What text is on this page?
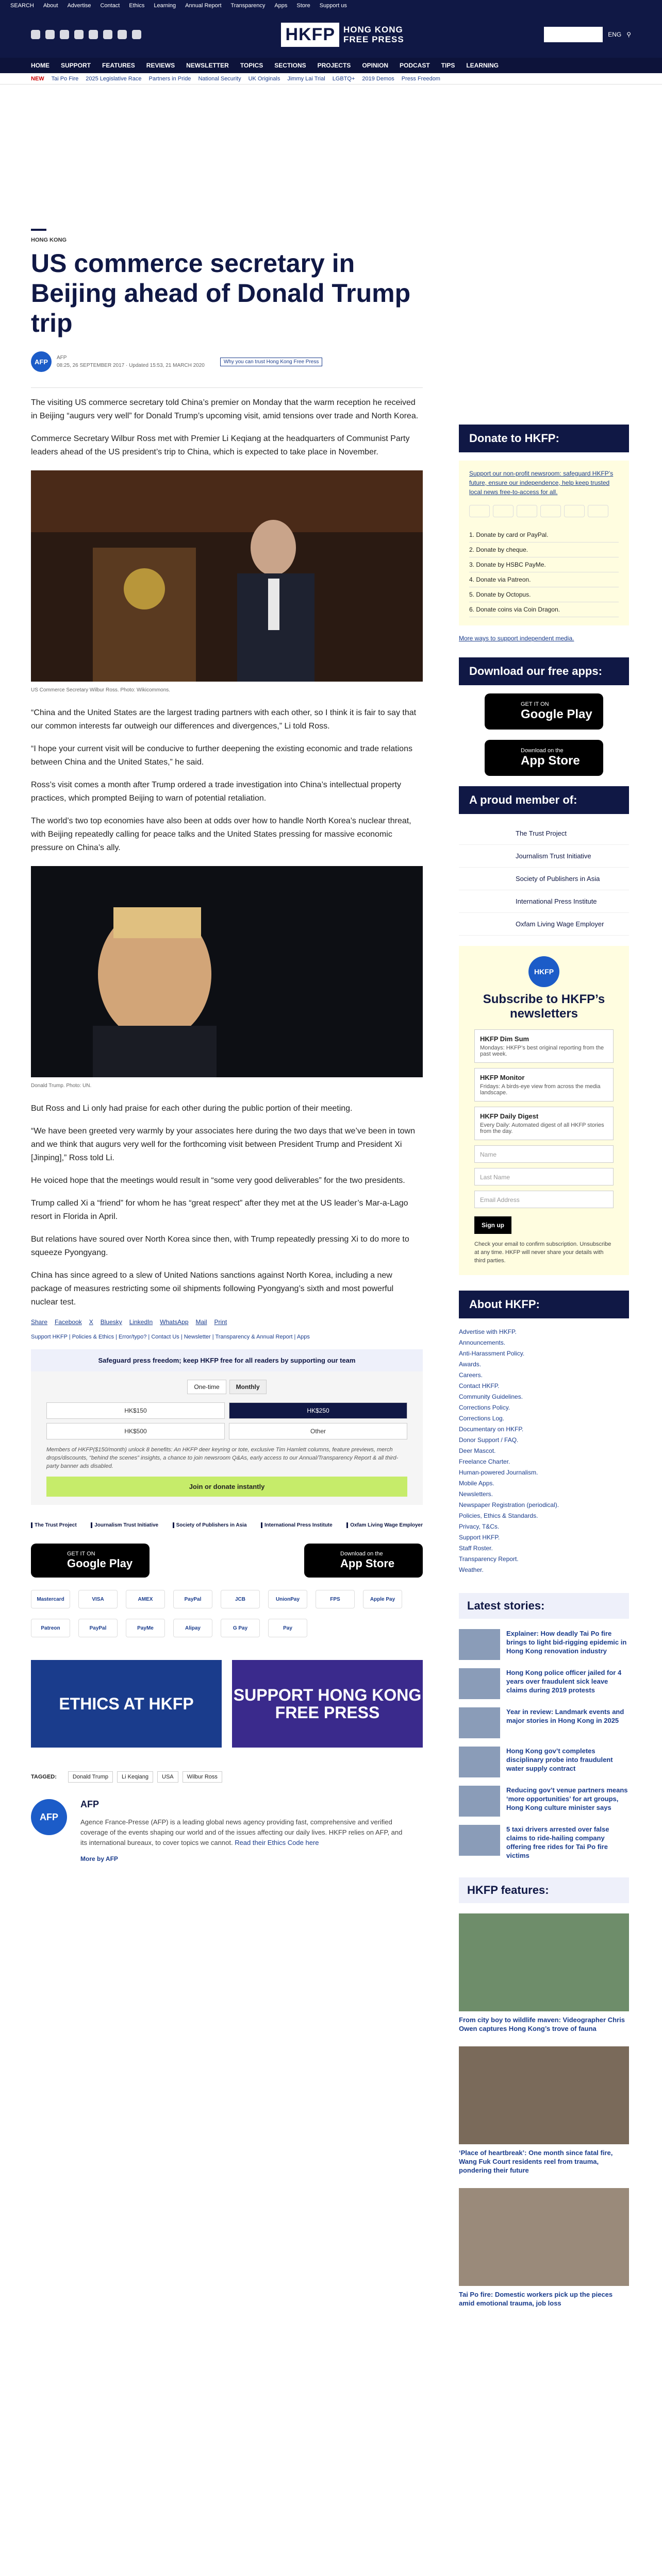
SEARCH About Advertise Contact Ethics Learning Annual Report Transparency Apps Store Support us
HKFP HONG KONG
FREE PRESS	SUPPORT HKFP	ENG ⚲
HOME SUPPORT FEATURES REVIEWS NEWSLETTER TOPICS SECTIONS PROJECTS OPINION PODCAST TIPS LEARNING
NEW Tai Po Fire 2025 Legislative Race Partners in Pride National Security UK Originals Jimmy Lai Trial LGBTQ+ 2019 Demos Press Freedom
HONG KONG
US commerce secretary in Beijing ahead of Donald Trump trip
AFP	AFP
08:25, 26 SEPTEMBER 2017 · Updated 15:53, 21 MARCH 2020
Why you can trust Hong Kong Free Press

The visiting US commerce secretary told China’s premier on Monday that the warm reception he received in Beijing “augurs very well” for Donald Trump’s upcoming visit, amid tensions over trade and North Korea.

Commerce Secretary Wilbur Ross met with Premier Li Keqiang at the headquarters of Communist Party leaders ahead of the US president’s trip to China, which is expected to take place in November.

US Commerce Secretary Wilbur Ross. Photo: Wikicommons.

“China and the United States are the largest trading partners with each other, so I think it is fair to say that our common interests far outweigh our differences and divergences,” Li told Ross.

“I hope your current visit will be conducive to further deepening the existing economic and trade relations between China and the United States,” he said.

Ross’s visit comes a month after Trump ordered a trade investigation into China’s intellectual property practices, which prompted Beijing to warn of potential retaliation.

The world’s two top economies have also been at odds over how to handle North Korea’s nuclear threat, with Beijing repeatedly calling for peace talks and the United States pressing for massive economic pressure on China’s ally.

Donald Trump. Photo: UN.

But Ross and Li only had praise for each other during the public portion of their meeting.

“We have been greeted very warmly by your associates here during the two days that we’ve been in town and we think that augurs very well for the forthcoming visit between President Trump and President Xi [Jinping],” Ross told Li.

He voiced hope that the meetings would result in “some very good deliverables” for the two presidents.

Trump called Xi a “friend” for whom he has “great respect” after they met at the US leader’s Mar-a-Lago resort in Florida in April.

But relations have soured over North Korea since then, with Trump repeatedly pressing Xi to do more to squeeze Pyongyang.

China has since agreed to a slew of United Nations sanctions against North Korea, including a new package of measures restricting some oil shipments following Pyongyang’s sixth and most powerful nuclear test.

Share Facebook X Bluesky LinkedIn WhatsApp Mail Print
Support HKFP | Policies & Ethics | Error/typo? | Contact Us | Newsletter | Transparency & Annual Report | Apps
Safeguard press freedom; keep HKFP free for all readers by supporting our team
One-time	Monthly
HK$150	HK$250
HK$500	Other
Members of HKFP($150/month) unlock 8 benefits: An HKFP deer keyring or tote, exclusive Tim Hamlett columns, feature previews, merch drops/discounts, “behind the scenes” insights, a chance to join newsroom Q&As, early access to our Annual/Transparency Report & all third-party banner ads disabled.
Join or donate instantly
The Trust Project	Journalism Trust Initiative	Society of Publishers in Asia	International Press Institute	Oxfam Living Wage Employer
GET IT ON
Google Play
Download on the
App Store
Mastercard	VISA	AMEX	PayPal	JCB	UnionPay	FPS	Apple Pay
Patreon	PayPal	PayMe	Alipay	G Pay	Pay
ETHICS AT HKFP	SUPPORT HONG KONG FREE PRESS
TAGGED:	Donald Trump	Li Keqiang	USA	Wilbur Ross
AFP
AFP

Agence France-Presse (AFP) is a leading global news agency providing fast, comprehensive and verified coverage of the events shaping our world and of the issues affecting our daily lives. HKFP relies on AFP, and its international bureaux, to cover topics we cannot. Read their Ethics Code here

More by AFP
Donate to HKFP:
Support our non-profit newsroom: safeguard HKFP’s future, ensure our independence, help keep trusted local news free-to-access for all.
1. Donate by card or PayPal.
2. Donate by cheque.
3. Donate by HSBC PayMe.
4. Donate via Patreon.
5. Donate by Octopus.
6. Donate coins via Coin Dragon.
More ways to support independent media.
Download our free apps:
GET IT ON
Google Play
Download on the
App Store
A proud member of:
The Trust Project
Journalism Trust Initiative
Society of Publishers in Asia
International Press Institute
Oxfam Living Wage Employer
HKFP
Subscribe to HKFP’s newsletters
HKFP Dim Sum
Mondays: HKFP’s best original reporting from the past week.
HKFP Monitor
Fridays: A birds-eye view from across the media landscape.
HKFP Daily Digest
Every Daily: Automated digest of all HKFP stories from the day.
Name
Last Name
Email Address
Sign up
Check your email to confirm subscription. Unsubscribe at any time. HKFP will never share your details with third parties.
About HKFP:
Advertise with HKFP.
Announcements.
Anti-Harassment Policy.
Awards.
Careers.
Contact HKFP.
Community Guidelines.
Corrections Policy.
Corrections Log.
Documentary on HKFP.
Donor Support / FAQ.
Deer Mascot.
Freelance Charter.
Human-powered Journalism.
Mobile Apps.
Newsletters.
Newspaper Registration (periodical).
Policies, Ethics & Standards.
Privacy, T&Cs.
Support HKFP.
Staff Roster.
Transparency Report.
Weather.
Latest stories:
Explainer: How deadly Tai Po fire brings to light bid-rigging epidemic in Hong Kong renovation industry
Hong Kong police officer jailed for 4 years over fraudulent sick leave claims during 2019 protests
Year in review: Landmark events and major stories in Hong Kong in 2025
Hong Kong gov’t completes disciplinary probe into fraudulent water supply contract
Reducing gov’t venue partners means ‘more opportunities’ for art groups, Hong Kong culture minister says
5 taxi drivers arrested over false claims to ride-hailing company offering free rides for Tai Po fire victims
HKFP features:
From city boy to wildlife maven: Videographer Chris Owen captures Hong Kong’s trove of fauna
‘Place of heartbreak’: One month since fatal fire, Wang Fuk Court residents reel from trauma, pondering their future
Tai Po fire: Domestic workers pick up the pieces amid emotional trauma, job loss
